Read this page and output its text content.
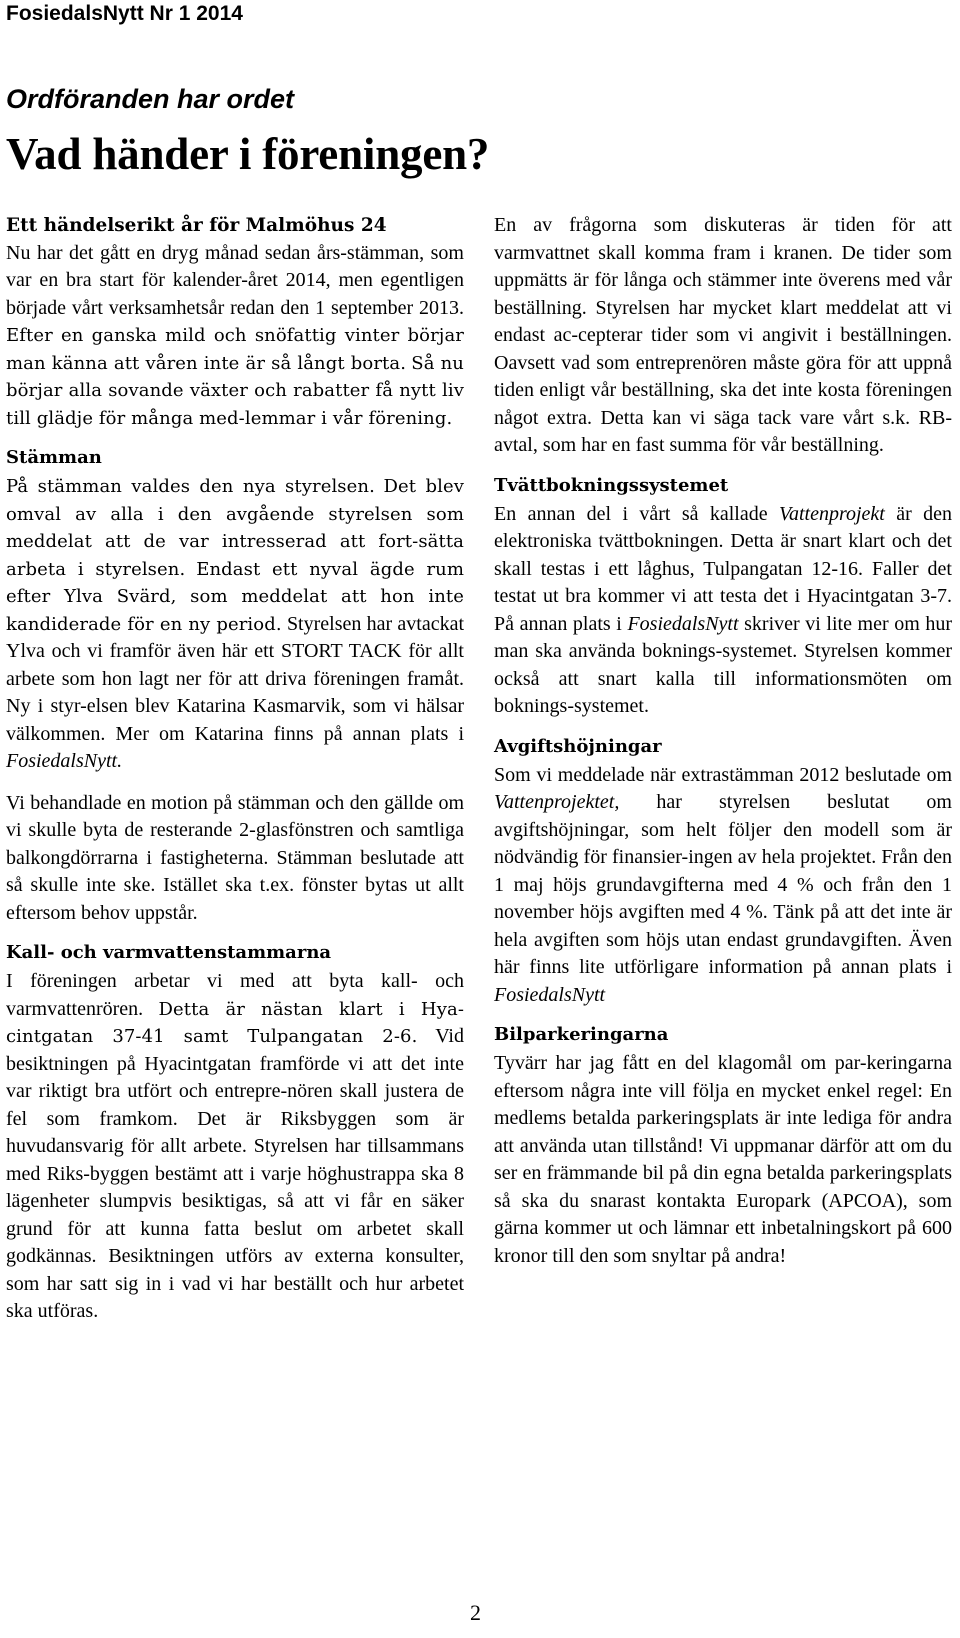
FosiedalsNytt Nr 1 2014
Ordföranden har ordet
Vad händer i föreningen?

Ett händelserikt år för Malmöhus 24
Nu har det gått en dryg månad sedan års-stämman, som var en bra start för kalender-året 2014, men egentligen började vårt verksamhetsår redan den 1 september 2013. Efter en ganska mild och snöfattig vinter börjar man känna att våren inte är så långt borta. Så nu börjar alla sovande växter och rabatter få nytt liv till glädje för många med-lemmar i vår förening.

Stämman

På stämman valdes den nya styrelsen. Det blev omval av alla i den avgående styrelsen som meddelat att de var intresserad att fort-sätta arbeta i styrelsen. Endast ett nyval ägde rum efter Ylva Svärd, som meddelat att hon inte kandiderade för en ny period. Styrelsen har avtackat Ylva och vi framför även här ett STORT TACK för allt arbete som hon lagt ner för att driva föreningen framåt. Ny i styr-elsen blev Katarina Kasmarvik, som vi hälsar välkommen. Mer om Katarina finns på annan plats i FosiedalsNytt.

Vi behandlade en motion på stämman och den gällde om vi skulle byta de resterande 2-glasfönstren och samtliga balkongdörrarna i fastigheterna. Stämman beslutade att så skulle inte ske. Istället ska t.ex. fönster bytas ut allt eftersom behov uppstår.

Kall- och varmvattenstammarna

I föreningen arbetar vi med att byta kall- och varmvattenrören. Detta är nästan klart i Hya-cintgatan 37-41 samt Tulpangatan 2-6. Vid besiktningen på Hyacintgatan framförde vi att det inte var riktigt bra utfört och entrepre-nören skall justera de fel som framkom. Det är Riksbyggen som är huvudansvarig för allt arbete. Styrelsen har tillsammans med Riks-byggen bestämt att i varje höghustrappa ska 8 lägenheter slumpvis besiktigas, så att vi får en säker grund för att kunna fatta beslut om arbetet skall godkännas. Besiktningen utförs av externa konsulter, som har satt sig in i vad vi har beställt och hur arbetet ska utföras.

En av frågorna som diskuteras är tiden för att varmvattnet skall komma fram i kranen. De tider som uppmätts är för långa och stämmer inte överens med vår beställning. Styrelsen har mycket klart meddelat att vi endast ac-cepterar tider som vi angivit i beställningen. Oavsett vad som entreprenören måste göra för att uppnå tiden enligt vår beställning, ska det inte kosta föreningen något extra. Detta kan vi säga tack vare vårt s.k. RB-avtal, som har en fast summa för vår beställning.

Tvättbokningssystemet

En annan del i vårt så kallade Vattenprojekt är den elektroniska tvättbokningen. Detta är snart klart och det skall testas i ett låghus, Tulpangatan 12-16. Faller det testat ut bra kommer vi att testa det i Hyacintgatan 3-7. På annan plats i FosiedalsNytt skriver vi lite mer om hur man ska använda boknings-systemet. Styrelsen kommer också att snart kalla till informationsmöten om boknings-systemet.

Avgiftshöjningar

Som vi meddelade när extrastämman 2012 beslutade om Vattenprojektet, har styrelsen beslutat om avgiftshöjningar, som helt följer den modell som är nödvändig för finansier-ingen av hela projektet. Från den 1 maj höjs grundavgifterna med 4 % och från den 1 november höjs avgiften med 4 %. Tänk på att det inte är hela avgiften som höjs utan endast grundavgiften. Även här finns lite utförligare information på annan plats i FosiedalsNytt

Bilparkeringarna

Tyvärr har jag fått en del klagomål om par-keringarna eftersom några inte vill följa en mycket enkel regel: En medlems betalda parkeringsplats är inte lediga för andra att använda utan tillstånd! Vi uppmanar därför att om du ser en främmande bil på din egna betalda parkeringsplats så ska du snarast kontakta Europark (APCOA), som gärna kommer ut och lämnar ett inbetalningskort på 600 kronor till den som snyltar på andra!

2
